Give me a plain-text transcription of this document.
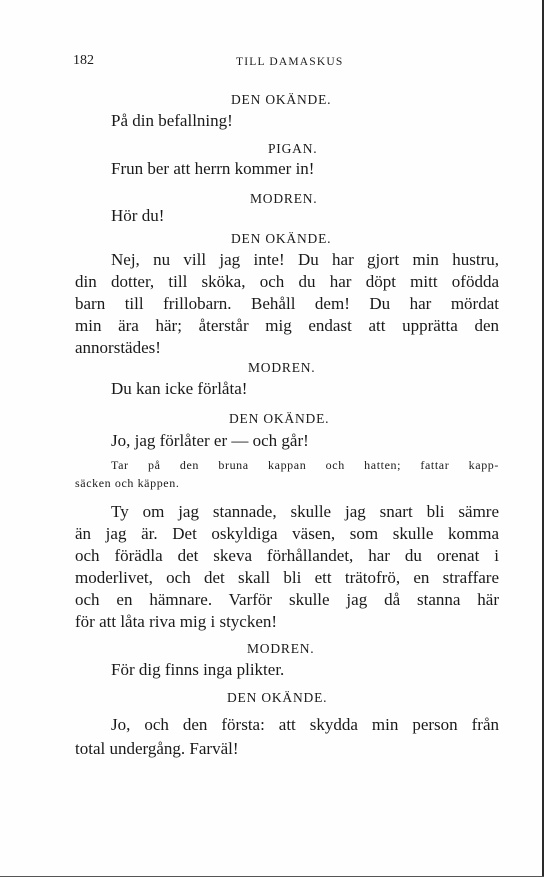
182	TILL DAMASKUS
DEN OKÄNDE.
På din befallning!
PIGAN.
Frun ber att herrn kommer in!
MODREN.
Hör du!
DEN OKÄNDE.
Nej, nu vill jag inte! Du har gjort min hustru,
din dotter, till sköka, och du har döpt mitt ofödda
barn till frillobarn. Behåll dem! Du har mördat
min ära här; återstår mig endast att upprätta den
annorstädes!
MODREN.
Du kan icke förlåta!
DEN OKÄNDE.
Jo, jag förlåter er — och går!
Tar på den bruna kappan och hatten; fattar kapp-
säcken och käppen.
Ty om jag stannade, skulle jag snart bli sämre
än jag är. Det oskyldiga väsen, som skulle komma
och förädla det skeva förhållandet, har du orenat i
moderlivet, och det skall bli ett trätofrö, en straffare
och en hämnare. Varför skulle jag då stanna här
för att låta riva mig i stycken!
MODREN.
För dig finns inga plikter.
DEN OKÄNDE.
Jo, och den första: att skydda min person från
total undergång. Farväl!
